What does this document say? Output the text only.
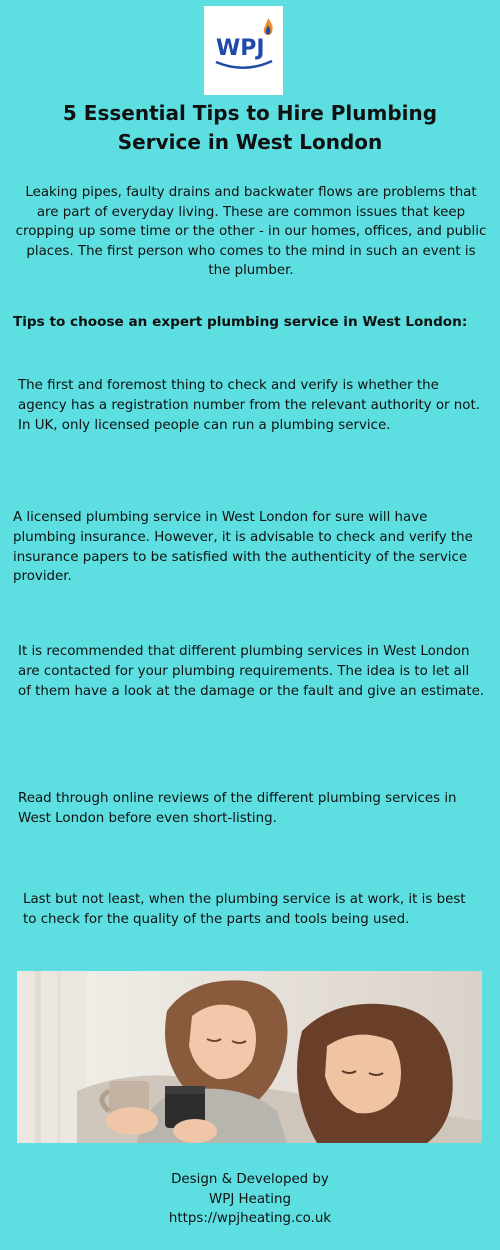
WPJ
5 Essential Tips to Hire Plumbing Service in West London

Leaking pipes, faulty drains and backwater flows are problems that are part of everyday living. These are common issues that keep cropping up some time or the other - in our homes, offices, and public places. The first person who comes to the mind in such an event is the plumber.

Tips to choose an expert plumbing service in West London:

The first and foremost thing to check and verify is whether the agency has a registration number from the relevant authority or not. In UK, only licensed people can run a plumbing service.

A licensed plumbing service in West London for sure will have plumbing insurance. However, it is advisable to check and verify the insurance papers to be satisfied with the authenticity of the service provider.

It is recommended that different plumbing services in West London are contacted for your plumbing requirements. The idea is to let all of them have a look at the damage or the fault and give an estimate.

Read through online reviews of the different plumbing services in West London before even short-listing.

Last but not least, when the plumbing service is at work, it is best to check for the quality of the parts and tools being used.

Design & Developed by
WPJ Heating
https://wpjheating.co.uk
